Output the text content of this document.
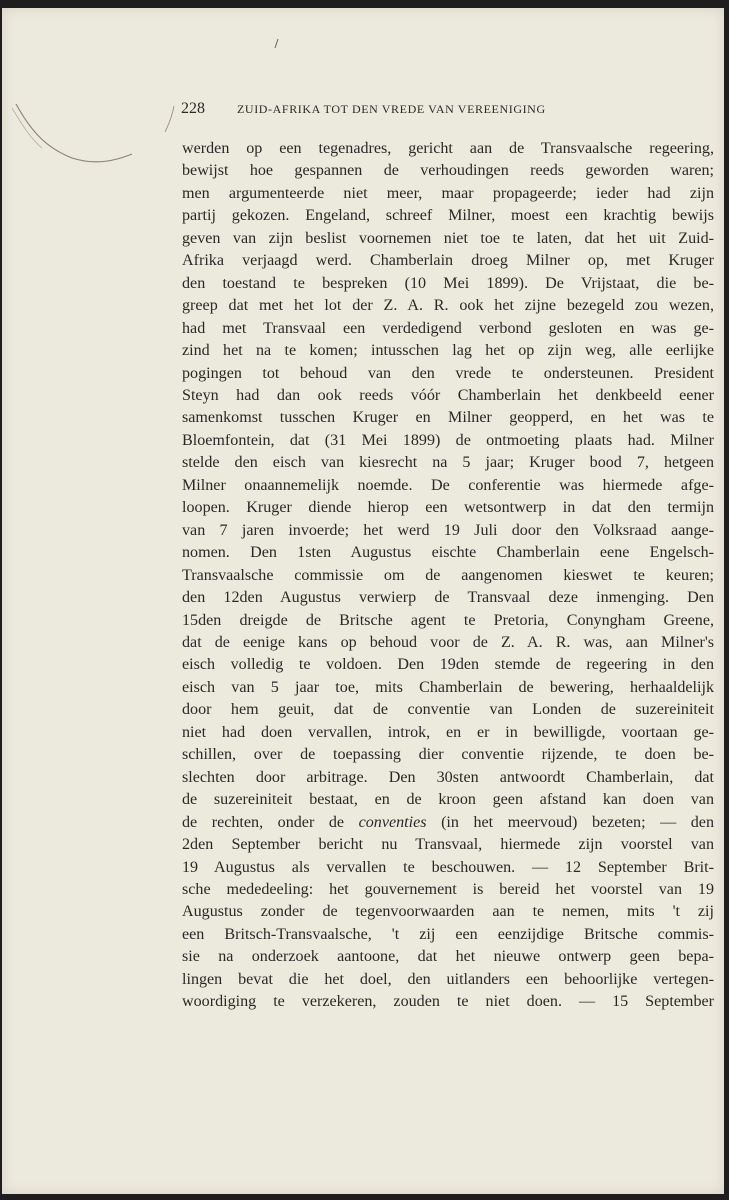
228	ZUID-AFRIKA TOT DEN VREDE VAN VEREENIGING
werden op een tegenadres, gericht aan de Transvaalsche regeering,
bewijst hoe gespannen de verhoudingen reeds geworden waren;
men argumenteerde niet meer, maar propageerde; ieder had zijn
partij gekozen. Engeland, schreef Milner, moest een krachtig bewijs
geven van zijn beslist voornemen niet toe te laten, dat het uit Zuid-
Afrika verjaagd werd. Chamberlain droeg Milner op, met Kruger
den toestand te bespreken (10 Mei 1899). De Vrijstaat, die be-
greep dat met het lot der Z. A. R. ook het zijne bezegeld zou wezen,
had met Transvaal een verdedigend verbond gesloten en was ge-
zind het na te komen; intusschen lag het op zijn weg, alle eerlijke
pogingen tot behoud van den vrede te ondersteunen. President
Steyn had dan ook reeds vóór Chamberlain het denkbeeld eener
samenkomst tusschen Kruger en Milner geopperd, en het was te
Bloemfontein, dat (31 Mei 1899) de ontmoeting plaats had. Milner
stelde den eisch van kiesrecht na 5 jaar; Kruger bood 7, hetgeen
Milner onaannemelijk noemde. De conferentie was hiermede afge-
loopen. Kruger diende hierop een wetsontwerp in dat den termijn
van 7 jaren invoerde; het werd 19 Juli door den Volksraad aange-
nomen. Den 1sten Augustus eischte Chamberlain eene Engelsch-
Transvaalsche commissie om de aangenomen kieswet te keuren;
den 12den Augustus verwierp de Transvaal deze inmenging. Den
15den dreigde de Britsche agent te Pretoria, Conyngham Greene,
dat de eenige kans op behoud voor de Z. A. R. was, aan Milner's
eisch volledig te voldoen. Den 19den stemde de regeering in den
eisch van 5 jaar toe, mits Chamberlain de bewering, herhaaldelijk
door hem geuit, dat de conventie van Londen de suzereiniteit
niet had doen vervallen, introk, en er in bewilligde, voortaan ge-
schillen, over de toepassing dier conventie rijzende, te doen be-
slechten door arbitrage. Den 30sten antwoordt Chamberlain, dat
de suzereiniteit bestaat, en de kroon geen afstand kan doen van
de rechten, onder de conventies (in het meervoud) bezeten; — den
2den September bericht nu Transvaal, hiermede zijn voorstel van
19 Augustus als vervallen te beschouwen. — 12 September Brit-
sche mededeeling: het gouvernement is bereid het voorstel van 19
Augustus zonder de tegenvoorwaarden aan te nemen, mits 't zij
een Britsch-Transvaalsche, 't zij een eenzijdige Britsche commis-
sie na onderzoek aantoone, dat het nieuwe ontwerp geen bepa-
lingen bevat die het doel, den uitlanders een behoorlijke vertegen-
woordiging te verzekeren, zouden te niet doen. — 15 September
